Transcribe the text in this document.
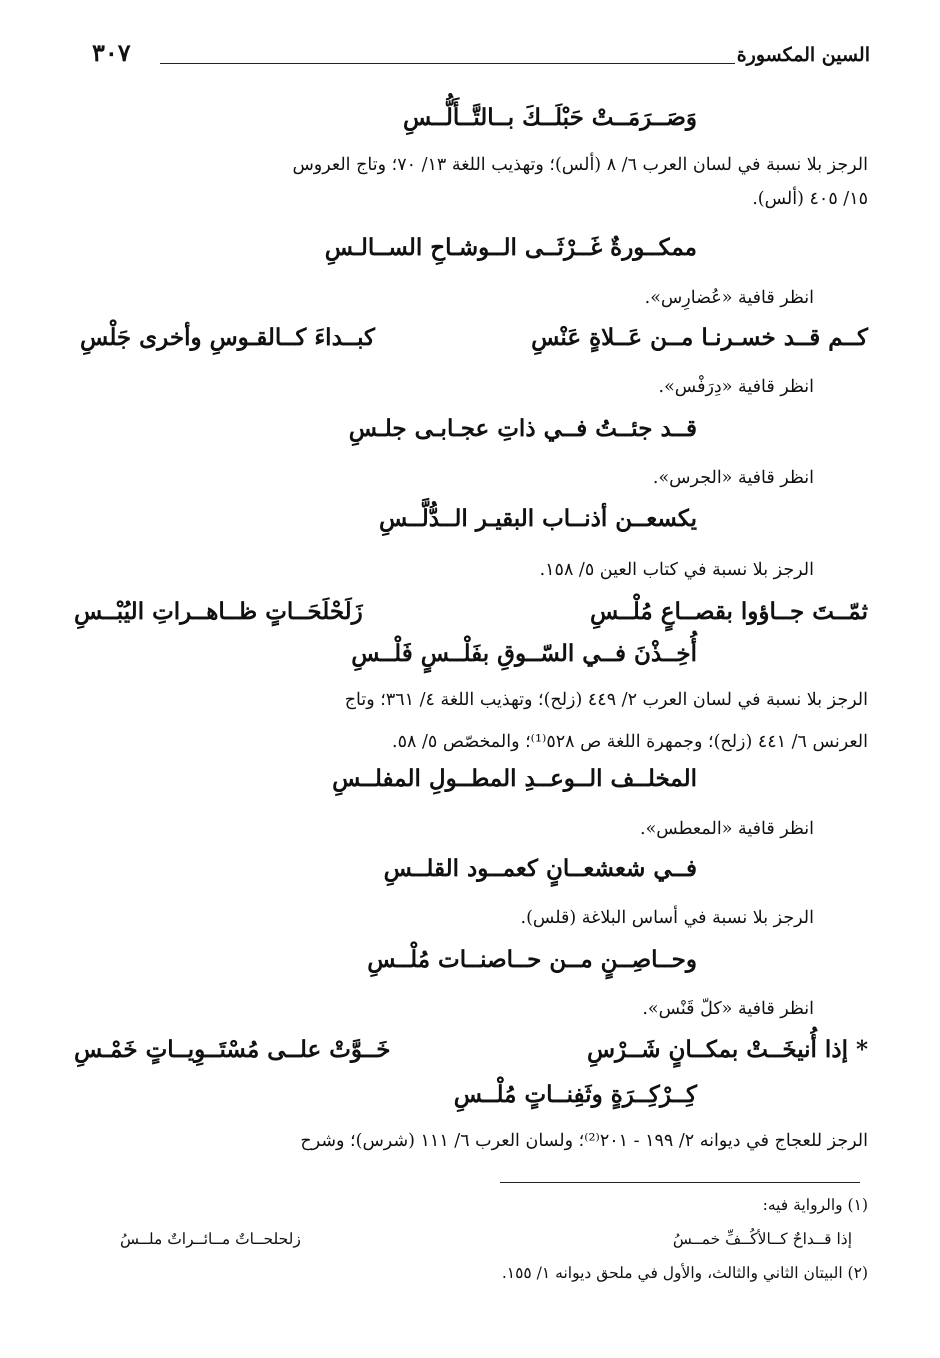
السين المكسورة
٣٠٧
وَصَــرَمَــتْ حَبْلَــكَ بــالتَّــأَلُّــسِ
الرجز بلا نسبة في لسان العرب ٦/ ٨ (ألس)؛ وتهذيب اللغة ١٣/ ٧٠؛ وتاج العروس
١٥/ ٤٠٥ (ألس).
ممكــورةٌ غَــرْثَــى الــوشـاحِ الســالـسِ
انظر قافية «عُضارِس».
كــم قــد خسـرنـا مــن عَــلاةٍ عَنْسِ
كبــداءَ كــالقـوسِ وأخرى جَلْسِ
انظر قافية «دِرَفْس».
قــد جئــتُ فــي ذاتِ عجـابـى جلـسِ
انظر قافية «الجرس».
يكسعــن أذنــاب البقيـر الــدُّلَّــسِ
الرجز بلا نسبة في كتاب العين ٥/ ١٥٨.
ثمّــتَ جــاؤوا بقصــاعٍ مُلْــسِ
زَلَحْلَحَــاتٍ ظــاهــراتِ اليُبْــسِ
أُخِــذْنَ فــي السّــوقِ بفَلْــسٍ فَلْــسِ
الرجز بلا نسبة في لسان العرب ٢/ ٤٤٩ (زلح)؛ وتهذيب اللغة ٤/ ٣٦١؛ وتاج
العرنس ٦/ ٤٤١ (زلح)؛ وجمهرة اللغة ص ٥٢٨⁽¹⁾؛ والمخصّص ٥/ ٥٨.
المخلــف الــوعــدِ المطــولِ المفلــسِ
انظر قافية «المعطس».
فــي شعشعــانٍ كعمــود القلــسِ
الرجز بلا نسبة في أساس البلاغة (قلس).
وحــاصِــنٍ مــن حــاصنــات مُلْــسِ
انظر قافية «كلّ قَنْس».
* إذا أُنيخَــتْ بمكــانٍ شَــرْسِ
خَــوَّتْ علــى مُسْتَــوِيــاتٍ خَمْـسِ
كِــرْكِــرَةٍ وثَفِنــاتٍ مُلْــسِ
الرجز للعجاج في ديوانه ٢/ ١٩٩ - ٢٠١⁽²⁾؛ ولسان العرب ٦/ ١١١ (شرس)؛ وشرح
(١) والرواية فيه:
إذا قــداحٌ كــالأكُــفِّ خمــسُ
زلحلحــاتٌ مــائــراتٌ ملــسُ
(٢) البيتان الثاني والثالث، والأول في ملحق ديوانه ١/ ١٥٥.
